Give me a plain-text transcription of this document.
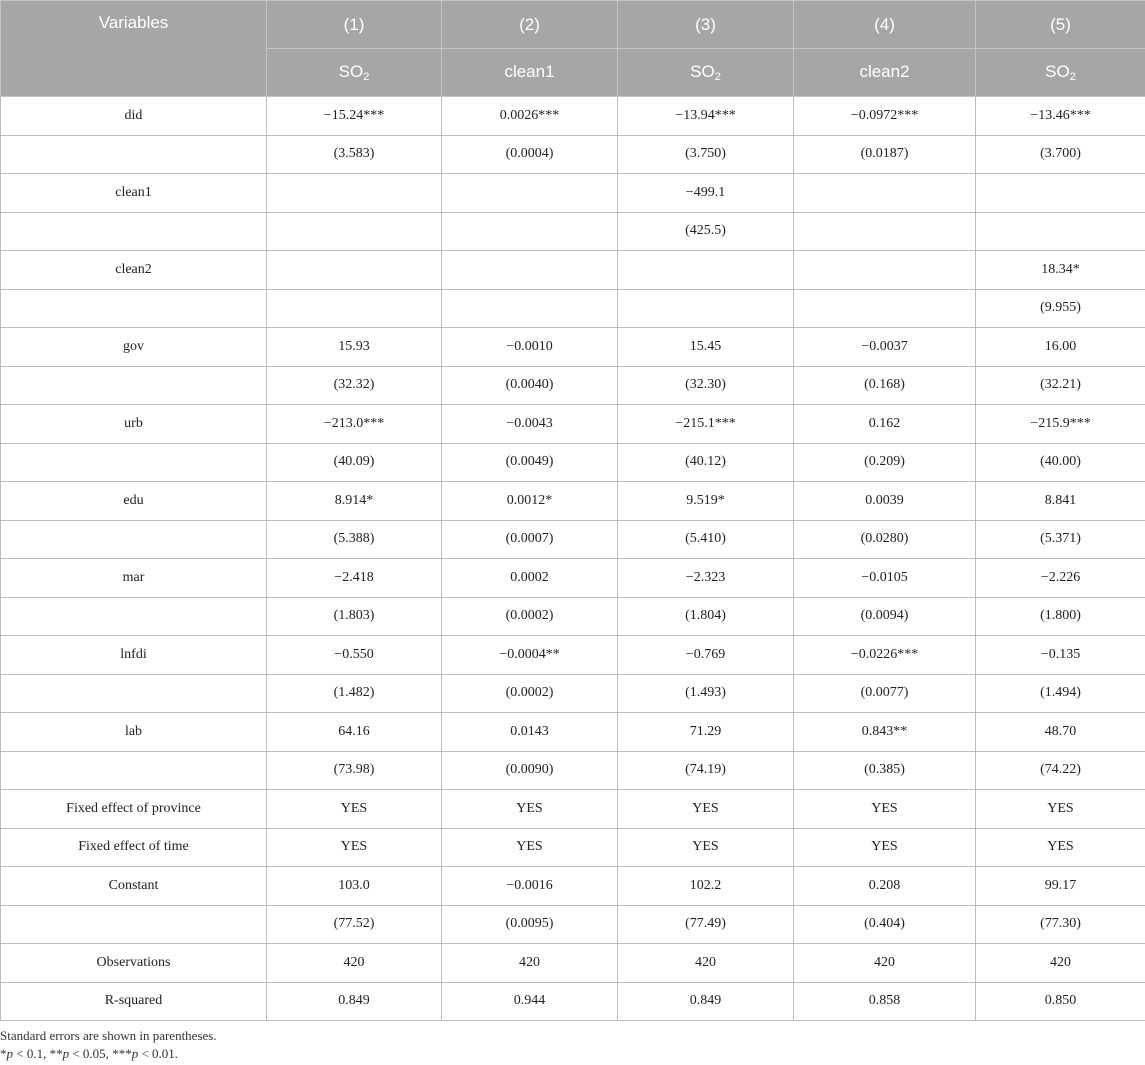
Variables	(1)	(2)	(3)	(4)	(5)
	$SO_2$	clean1	$SO_2$	clean2	$SO_2$
did	−15.24***	0.0026***	−13.94***	−0.0972***	−13.46***
	(3.583)	(0.0004)	(3.750)	(0.0187)	(3.700)
clean1			−499.1		
			(425.5)		
clean2					18.34*
					(9.955)
gov	15.93	−0.0010	15.45	−0.0037	16.00
	(32.32)	(0.0040)	(32.30)	(0.168)	(32.21)
urb	−213.0***	−0.0043	−215.1***	0.162	−215.9***
	(40.09)	(0.0049)	(40.12)	(0.209)	(40.00)
edu	8.914*	0.0012*	9.519*	0.0039	8.841
	(5.388)	(0.0007)	(5.410)	(0.0280)	(5.371)
mar	−2.418	0.0002	−2.323	−0.0105	−2.226
	(1.803)	(0.0002)	(1.804)	(0.0094)	(1.800)
lnfdi	−0.550	−0.0004**	−0.769	−0.0226***	−0.135
	(1.482)	(0.0002)	(1.493)	(0.0077)	(1.494)
lab	64.16	0.0143	71.29	0.843**	48.70
	(73.98)	(0.0090)	(74.19)	(0.385)	(74.22)
Fixed effect of province	YES	YES	YES	YES	YES
Fixed effect of time	YES	YES	YES	YES	YES
Constant	103.0	−0.0016	102.2	0.208	99.17
	(77.52)	(0.0095)	(77.49)	(0.404)	(77.30)
Observations	420	420	420	420	420
R-squared	0.849	0.944	0.849	0.858	0.850
Standard errors are shown in parentheses.
*p < 0.1, **p < 0.05, ***p < 0.01.
